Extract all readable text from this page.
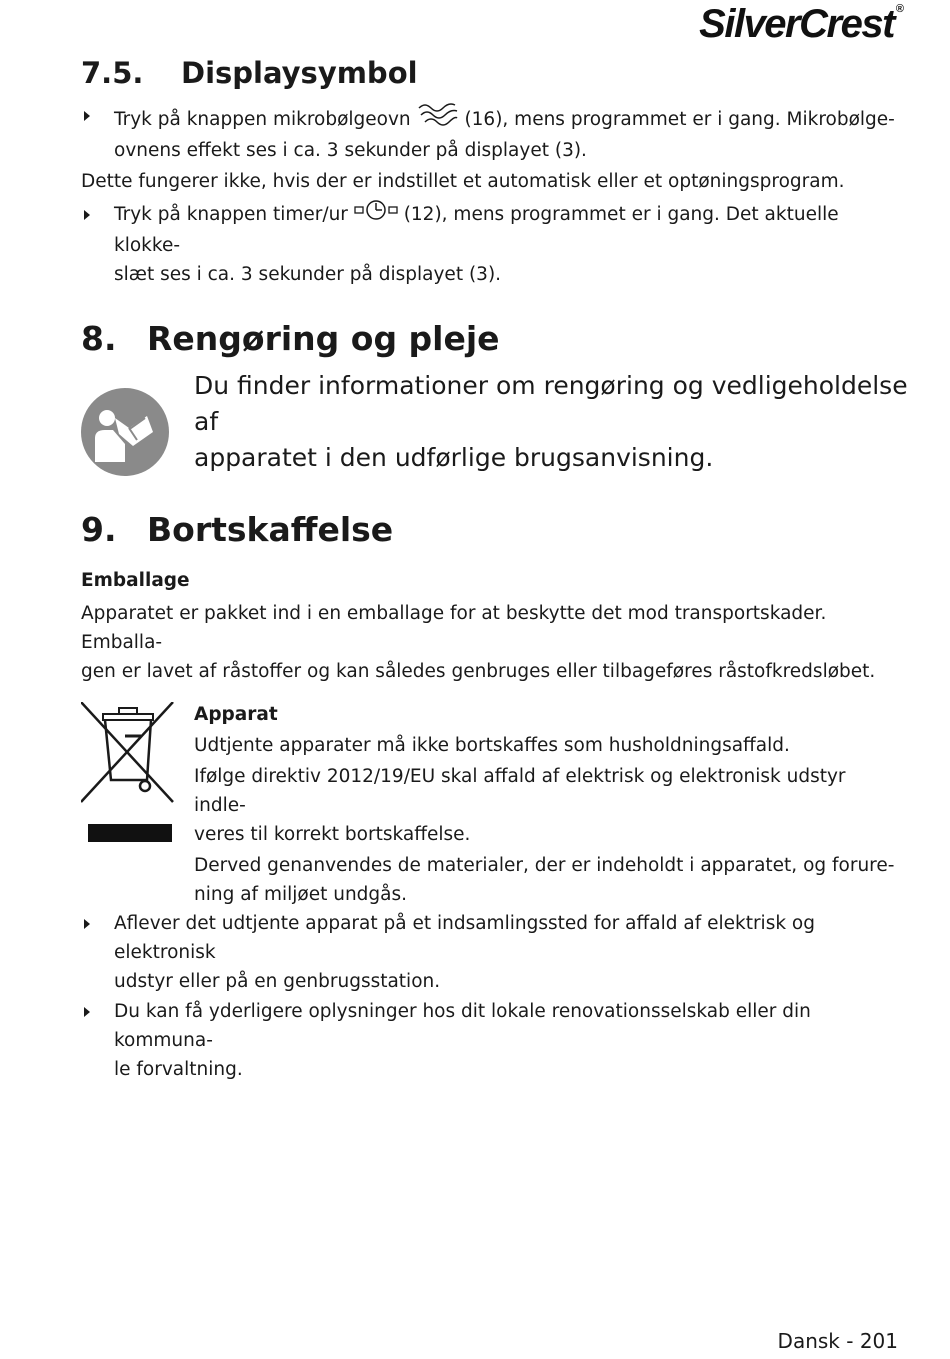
SilverCrest ®
7.5. Displaysymbol
Tryk på knappen mikrobølgeovn	(16), mens programmet er i gang. Mikrobølge-
ovnens effekt ses i ca. 3 sekunder på displayet (3).

Dette fungerer ikke, hvis der er indstillet et automatisk eller et optøningsprogram.

Tryk på knappen timer/ur	(12), mens programmet er i gang. Det aktuelle klokke-
slæt ses i ca. 3 sekunder på displayet (3).
8. Rengøring og pleje
Du finder informationer om rengøring og vedligeholdelse af
apparatet i den udførlige brugsanvisning.
9. Bortskaffelse
Emballage

Apparatet er pakket ind i en emballage for at beskytte det mod transportskader. Emballa-
gen er lavet af råstoffer og kan således genbruges eller tilbageføres råstofkredsløbet.

Apparat

Udtjente apparater må ikke bortskaffes som husholdningsaffald.

Ifølge direktiv 2012/19/EU skal affald af elektrisk og elektronisk udstyr indle-
veres til korrekt bortskaffelse.

Derved genanvendes de materialer, der er indeholdt i apparatet, og forure-
ning af miljøet undgås.

Aflever det udtjente apparat på et indsamlingssted for affald af elektrisk og elektronisk
udstyr eller på en genbrugsstation.
Du kan få yderligere oplysninger hos dit lokale renovationsselskab eller din kommuna-
le forvaltning.
Dansk - 201
